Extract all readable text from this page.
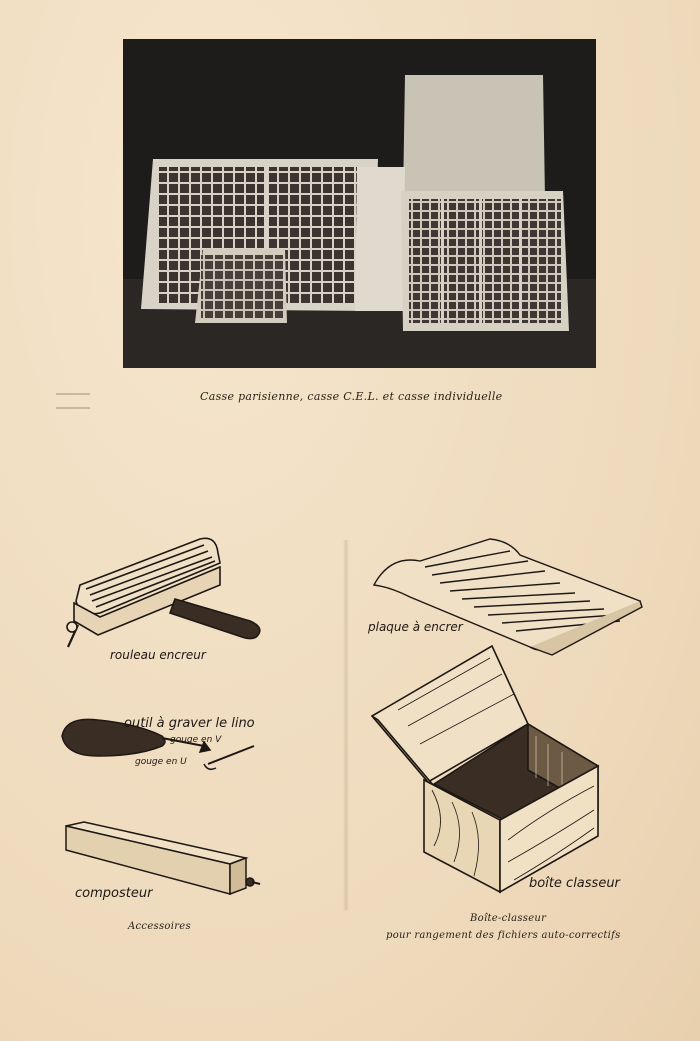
Casse parisienne, casse C.E.L. et casse individuelle
rouleau encreur
plaque à encrer
outil à graver le lino
gouge en V
gouge en U
composteur
Accessoires
boîte classeur
Boîte-classeur
pour rangement des fichiers auto-correctifs
